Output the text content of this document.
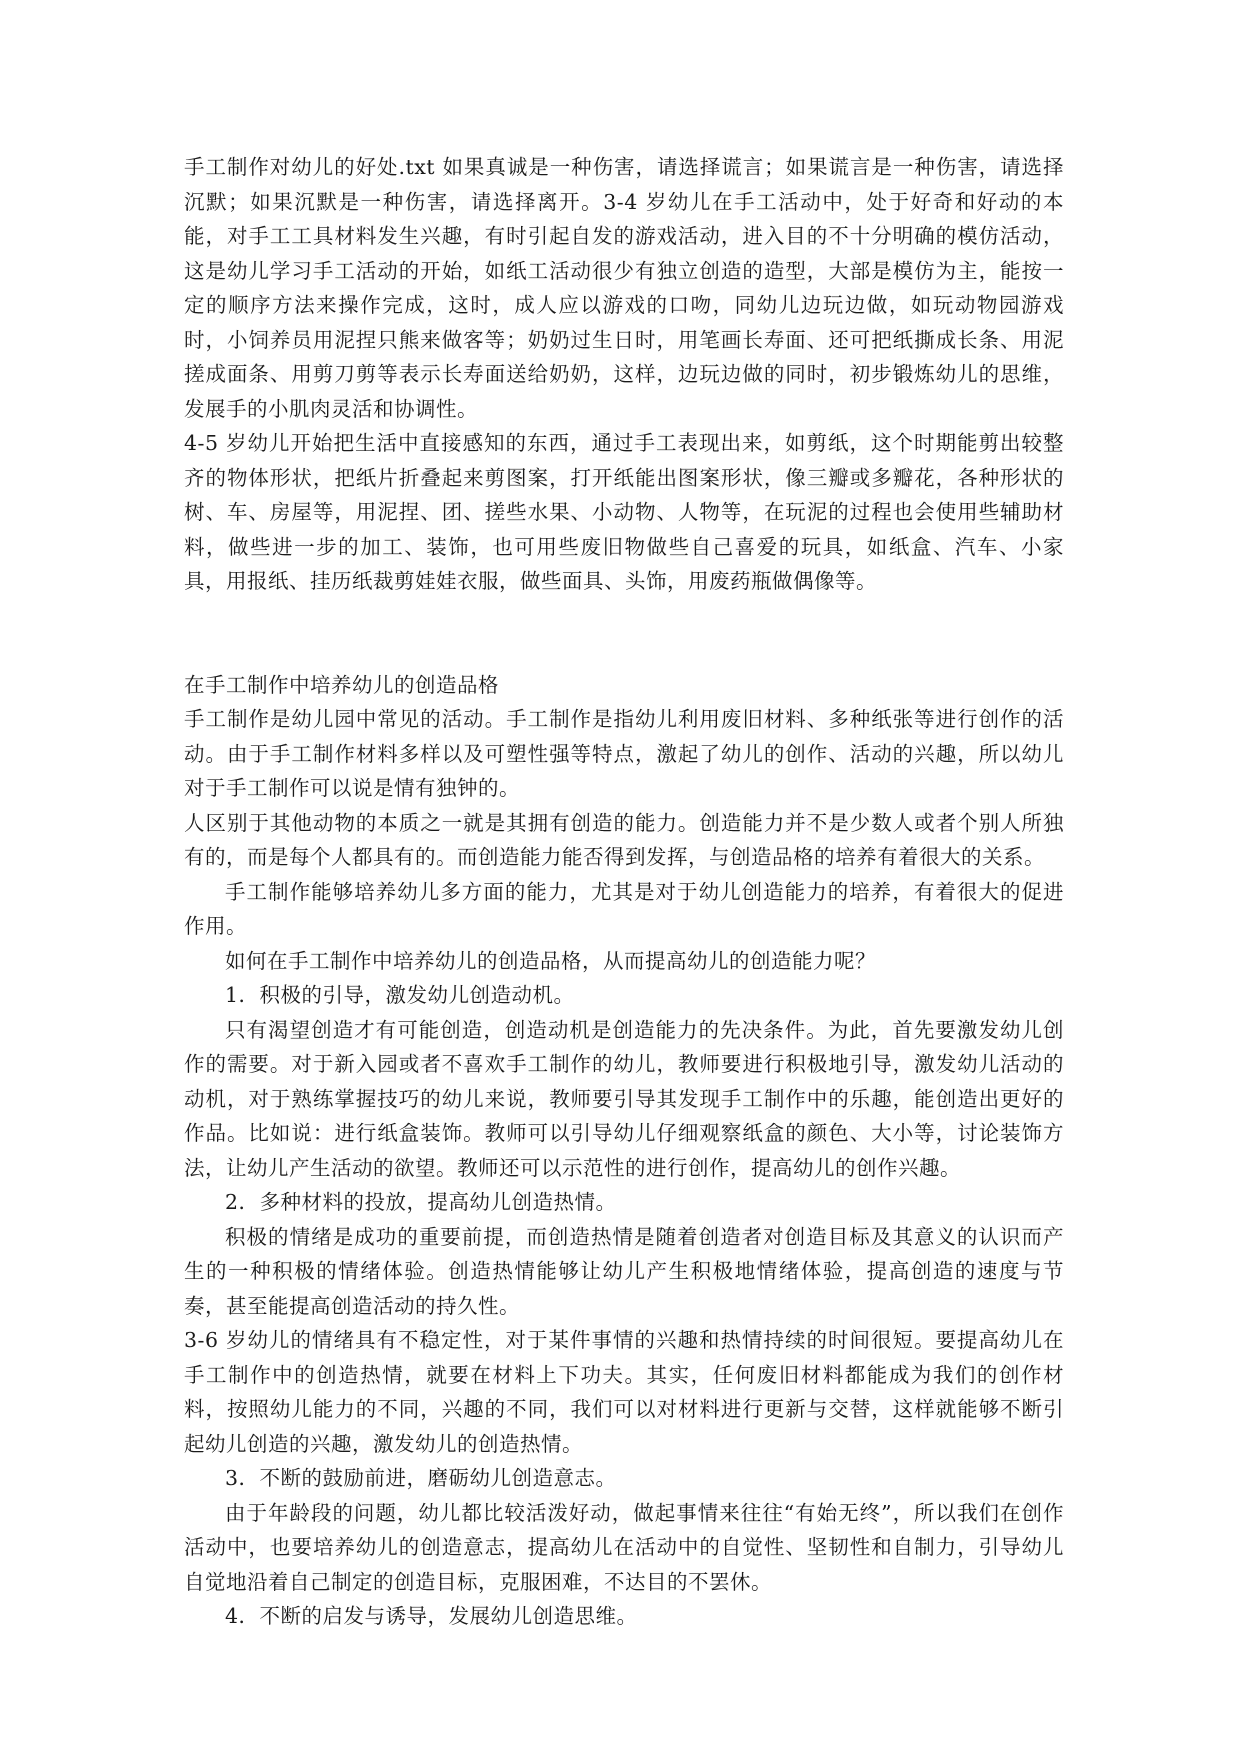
手工制作对幼儿的好处.txt 如果真诚是一种伤害，请选择谎言；如果谎言是一种伤害，请选择沉默；如果沉默是一种伤害，请选择离开。3-4 岁幼儿在手工活动中，处于好奇和好动的本能，对手工工具材料发生兴趣，有时引起自发的游戏活动，进入目的不十分明确的模仿活动，这是幼儿学习手工活动的开始，如纸工活动很少有独立创造的造型，大部是模仿为主，能按一定的顺序方法来操作完成，这时，成人应以游戏的口吻，同幼儿边玩边做，如玩动物园游戏时，小饲养员用泥捏只熊来做客等；奶奶过生日时，用笔画长寿面、还可把纸撕成长条、用泥搓成面条、用剪刀剪等表示长寿面送给奶奶，这样，边玩边做的同时，初步锻炼幼儿的思维，发展手的小肌肉灵活和协调性。

4-5 岁幼儿开始把生活中直接感知的东西，通过手工表现出来，如剪纸，这个时期能剪出较整齐的物体形状，把纸片折叠起来剪图案，打开纸能出图案形状，像三瓣或多瓣花，各种形状的树、车、房屋等，用泥捏、团、搓些水果、小动物、人物等，在玩泥的过程也会使用些辅助材料，做些进一步的加工、装饰，也可用些废旧物做些自己喜爱的玩具，如纸盒、汽车、小家具，用报纸、挂历纸裁剪娃娃衣服，做些面具、头饰，用废药瓶做偶像等。

在手工制作中培养幼儿的创造品格

手工制作是幼儿园中常见的活动。手工制作是指幼儿利用废旧材料、多种纸张等进行创作的活动。由于手工制作材料多样以及可塑性强等特点，激起了幼儿的创作、活动的兴趣，所以幼儿对于手工制作可以说是情有独钟的。

人区别于其他动物的本质之一就是其拥有创造的能力。创造能力并不是少数人或者个别人所独有的，而是每个人都具有的。而创造能力能否得到发挥，与创造品格的培养有着很大的关系。

手工制作能够培养幼儿多方面的能力，尤其是对于幼儿创造能力的培养，有着很大的促进作用。

如何在手工制作中培养幼儿的创造品格，从而提高幼儿的创造能力呢？

1．积极的引导，激发幼儿创造动机。

只有渴望创造才有可能创造，创造动机是创造能力的先决条件。为此，首先要激发幼儿创作的需要。对于新入园或者不喜欢手工制作的幼儿，教师要进行积极地引导，激发幼儿活动的动机，对于熟练掌握技巧的幼儿来说，教师要引导其发现手工制作中的乐趣，能创造出更好的作品。比如说：进行纸盒装饰。教师可以引导幼儿仔细观察纸盒的颜色、大小等，讨论装饰方法，让幼儿产生活动的欲望。教师还可以示范性的进行创作，提高幼儿的创作兴趣。

2．多种材料的投放，提高幼儿创造热情。

积极的情绪是成功的重要前提，而创造热情是随着创造者对创造目标及其意义的认识而产生的一种积极的情绪体验。创造热情能够让幼儿产生积极地情绪体验，提高创造的速度与节奏，甚至能提高创造活动的持久性。

3-6 岁幼儿的情绪具有不稳定性，对于某件事情的兴趣和热情持续的时间很短。要提高幼儿在手工制作中的创造热情，就要在材料上下功夫。其实，任何废旧材料都能成为我们的创作材料，按照幼儿能力的不同，兴趣的不同，我们可以对材料进行更新与交替，这样就能够不断引起幼儿创造的兴趣，激发幼儿的创造热情。

3．不断的鼓励前进，磨砺幼儿创造意志。

由于年龄段的问题，幼儿都比较活泼好动，做起事情来往往“有始无终”，所以我们在创作活动中，也要培养幼儿的创造意志，提高幼儿在活动中的自觉性、坚韧性和自制力，引导幼儿自觉地沿着自己制定的创造目标，克服困难，不达目的不罢休。

4．不断的启发与诱导，发展幼儿创造思维。
